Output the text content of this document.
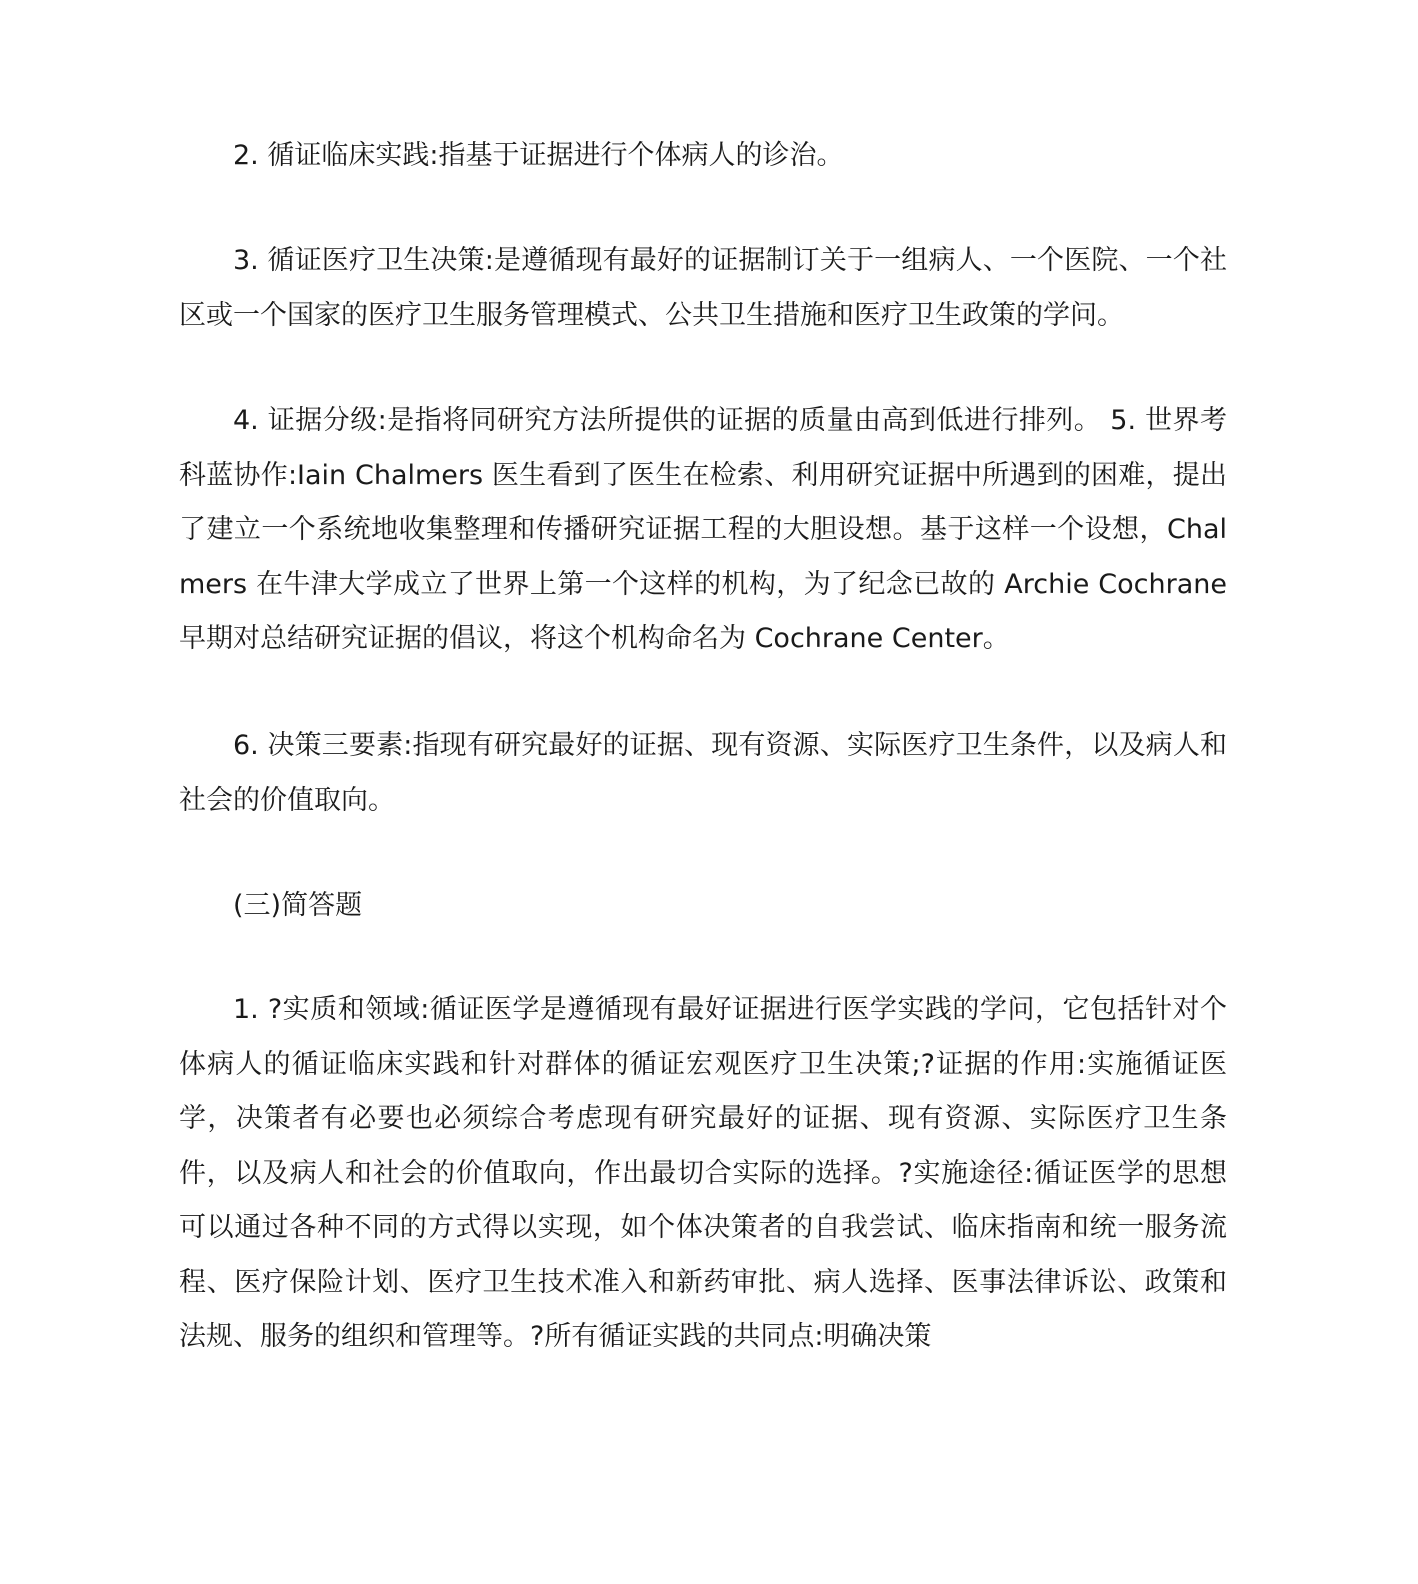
2. 循证临床实践:指基于证据进行个体病人的诊治。

3. 循证医疗卫生决策:是遵循现有最好的证据制订关于一组病人、一个医院、一个社区或一个国家的医疗卫生服务管理模式、公共卫生措施和医疗卫生政策的学问。

4. 证据分级:是指将同研究方法所提供的证据的质量由高到低进行排列。 5. 世界考科蓝协作:Iain Chalmers 医生看到了医生在检索、利用研究证据中所遇到的困难，提出了建立一个系统地收集整理和传播研究证据工程的大胆设想。基于这样一个设想，Chalmers 在牛津大学成立了世界上第一个这样的机构，为了纪念已故的 Archie Cochrane 早期对总结研究证据的倡议，将这个机构命名为 Cochrane Center。

6. 决策三要素:指现有研究最好的证据、现有资源、实际医疗卫生条件，以及病人和社会的价值取向。

(三)简答题

1. ?实质和领域:循证医学是遵循现有最好证据进行医学实践的学问，它包括针对个体病人的循证临床实践和针对群体的循证宏观医疗卫生决策;?证据的作用:实施循证医学，决策者有必要也必须综合考虑现有研究最好的证据、现有资源、实际医疗卫生条件，以及病人和社会的价值取向，作出最切合实际的选择。?实施途径:循证医学的思想可以通过各种不同的方式得以实现，如个体决策者的自我尝试、临床指南和统一服务流程、医疗保险计划、医疗卫生技术准入和新药审批、病人选择、医事法律诉讼、政策和法规、服务的组织和管理等。?所有循证实践的共同点:明确决策
